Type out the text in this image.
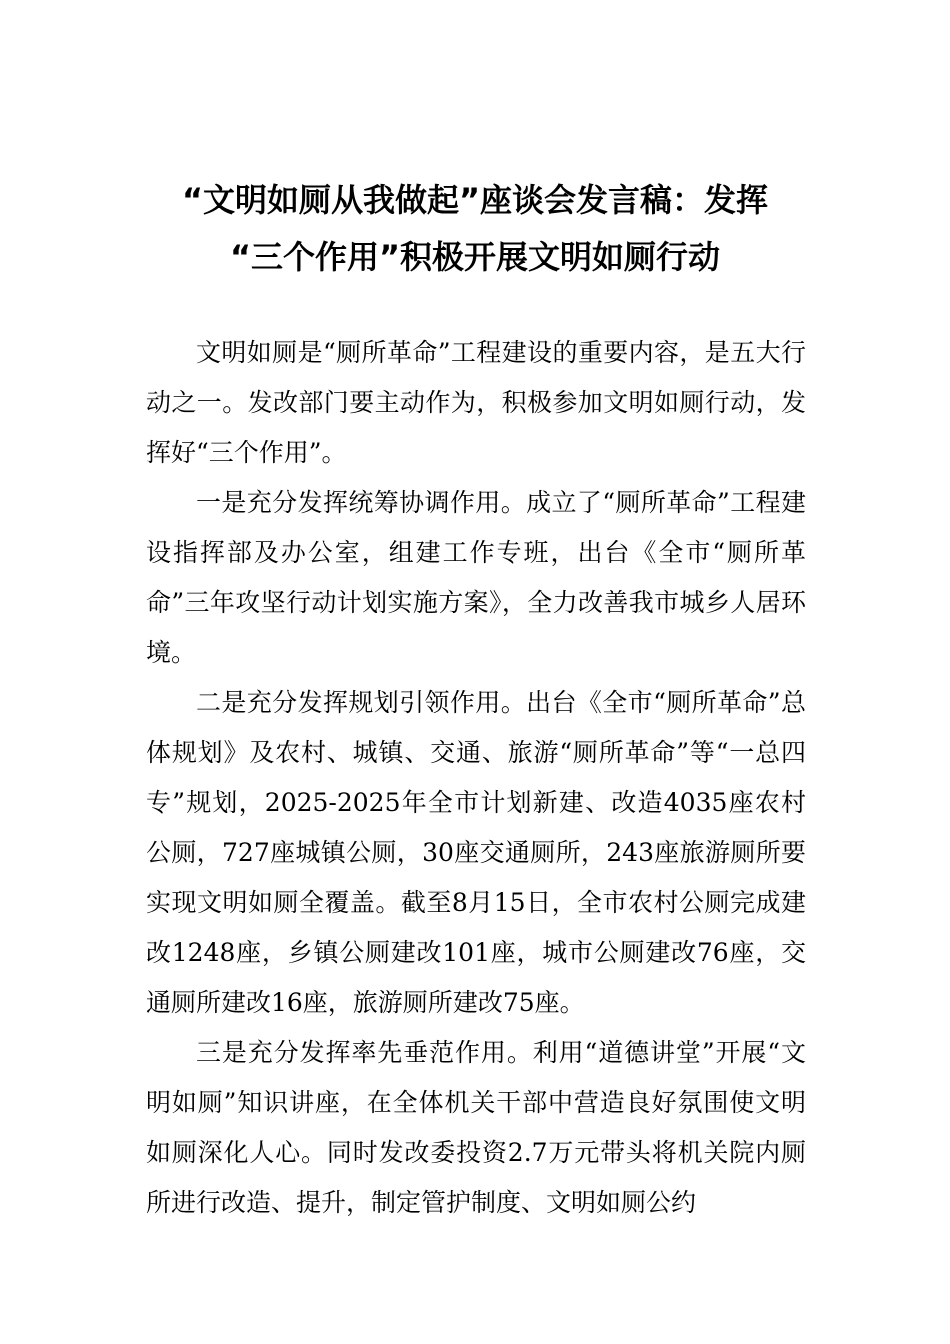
“文明如厕从我做起”座谈会发言稿：发挥
“三个作用”积极开展文明如厕行动

文明如厕是“厕所革命”工程建设的重要内容，是五大行动之一。发改部门要主动作为，积极参加文明如厕行动，发挥好“三个作用”。

一是充分发挥统筹协调作用。成立了“厕所革命”工程建设指挥部及办公室，组建工作专班，出台《全市“厕所革命”三年攻坚行动计划实施方案》，全力改善我市城乡人居环境。

二是充分发挥规划引领作用。出台《全市“厕所革命”总体规划》及农村、城镇、交通、旅游“厕所革命”等“一总四专”规划，2025-2025年全市计划新建、改造4035座农村公厕，727座城镇公厕，30座交通厕所，243座旅游厕所要实现文明如厕全覆盖。截至8月15日，全市农村公厕完成建改1248座，乡镇公厕建改101座，城市公厕建改76座，交通厕所建改16座，旅游厕所建改75座。

三是充分发挥率先垂范作用。利用“道德讲堂”开展“文明如厕”知识讲座，在全体机关干部中营造良好氛围使文明如厕深化人心。同时发改委投资2.7万元带头将机关院内厕所进行改造、提升，制定管护制度、文明如厕公约
